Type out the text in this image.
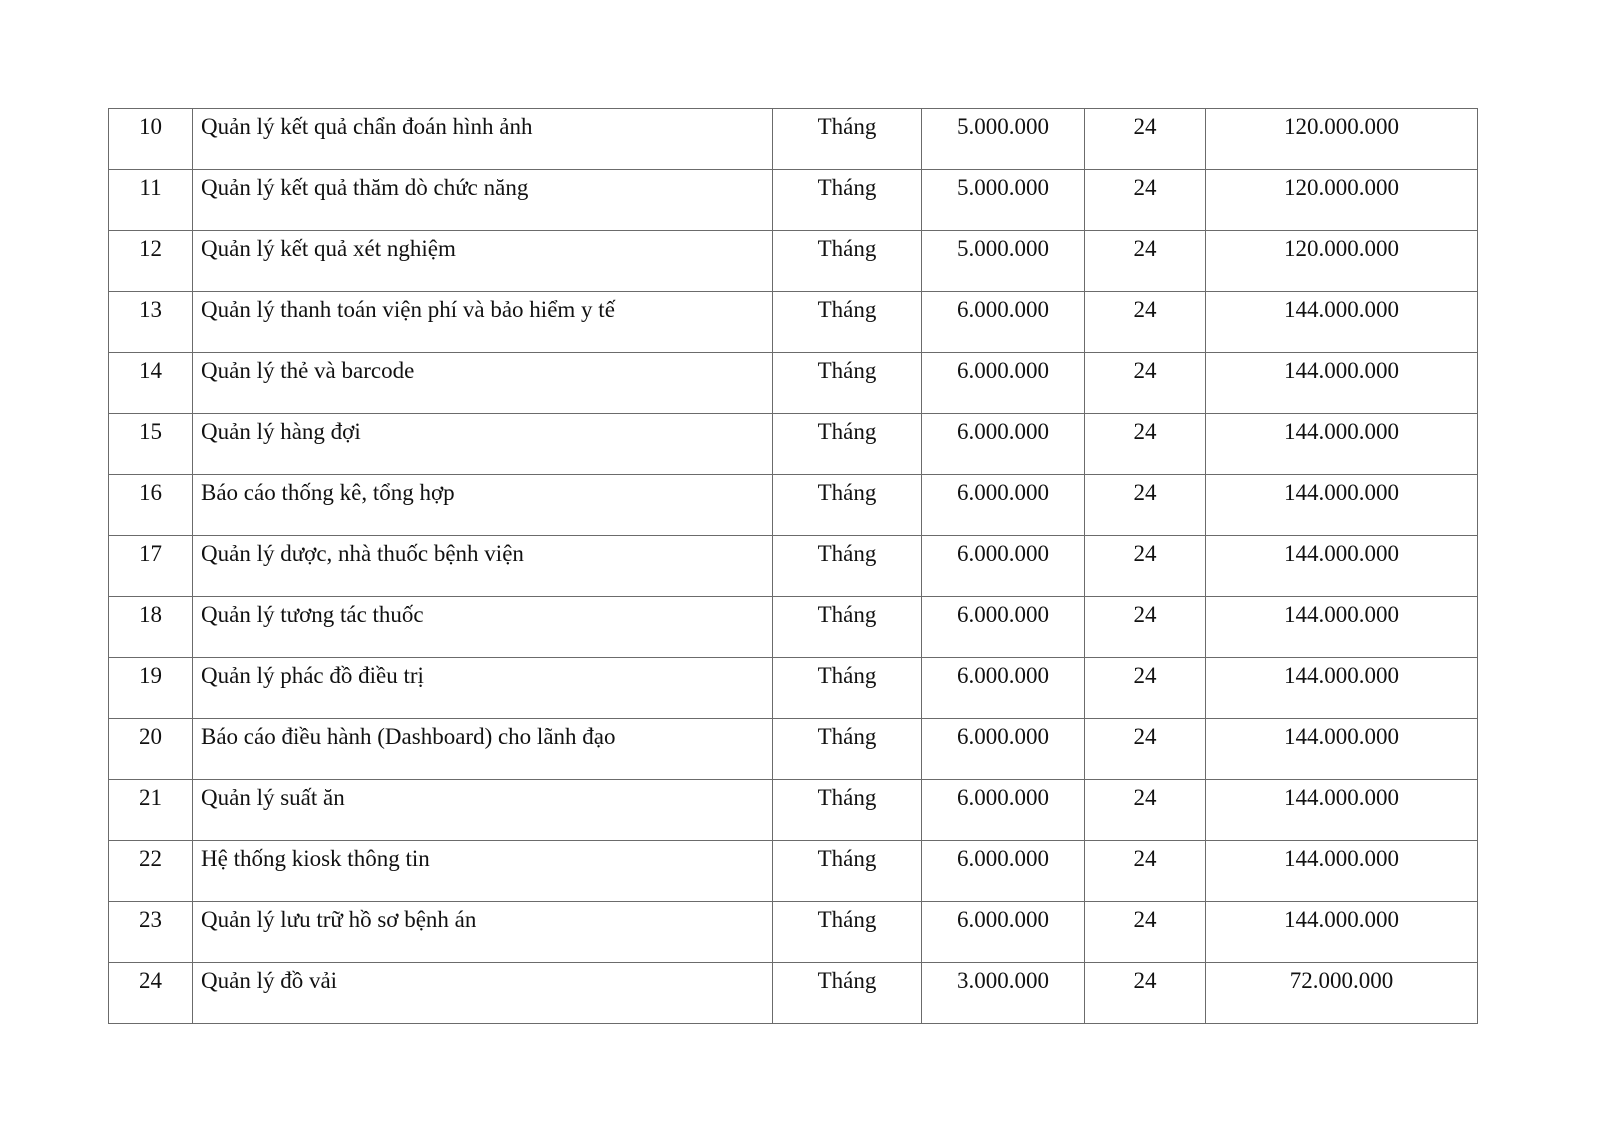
10	Quản lý kết quả chẩn đoán hình ảnh	Tháng	5.000.000	24	120.000.000
11	Quản lý kết quả thăm dò chức năng	Tháng	5.000.000	24	120.000.000
12	Quản lý kết quả xét nghiệm	Tháng	5.000.000	24	120.000.000
13	Quản lý thanh toán viện phí và bảo hiểm y tế	Tháng	6.000.000	24	144.000.000
14	Quản lý thẻ và barcode	Tháng	6.000.000	24	144.000.000
15	Quản lý hàng đợi	Tháng	6.000.000	24	144.000.000
16	Báo cáo thống kê, tổng hợp	Tháng	6.000.000	24	144.000.000
17	Quản lý dược, nhà thuốc bệnh viện	Tháng	6.000.000	24	144.000.000
18	Quản lý tương tác thuốc	Tháng	6.000.000	24	144.000.000
19	Quản lý phác đồ điều trị	Tháng	6.000.000	24	144.000.000
20	Báo cáo điều hành (Dashboard) cho lãnh đạo	Tháng	6.000.000	24	144.000.000
21	Quản lý suất ăn	Tháng	6.000.000	24	144.000.000
22	Hệ thống kiosk thông tin	Tháng	6.000.000	24	144.000.000
23	Quản lý lưu trữ hồ sơ bệnh án	Tháng	6.000.000	24	144.000.000
24	Quản lý đồ vải	Tháng	3.000.000	24	72.000.000
